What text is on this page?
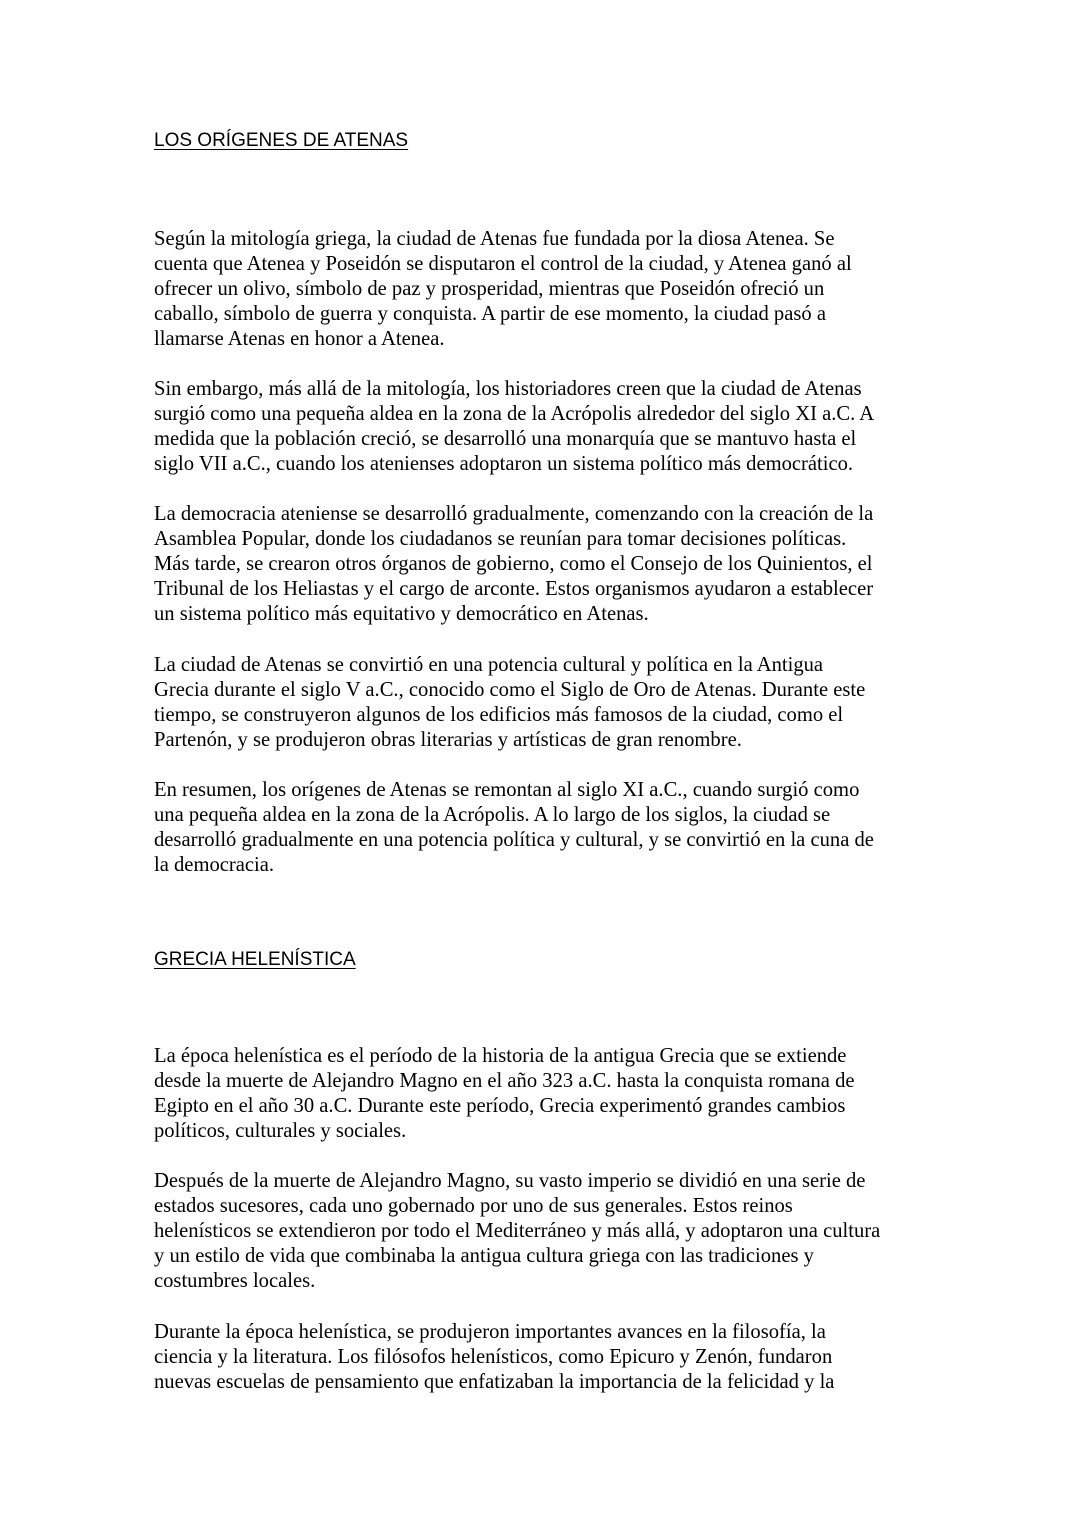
LOS ORÍGENES DE ATENAS

Según la mitología griega, la ciudad de Atenas fue fundada por la diosa Atenea. Se
cuenta que Atenea y Poseidón se disputaron el control de la ciudad, y Atenea ganó al
ofrecer un olivo, símbolo de paz y prosperidad, mientras que Poseidón ofreció un
caballo, símbolo de guerra y conquista. A partir de ese momento, la ciudad pasó a
llamarse Atenas en honor a Atenea.

Sin embargo, más allá de la mitología, los historiadores creen que la ciudad de Atenas
surgió como una pequeña aldea en la zona de la Acrópolis alrededor del siglo XI a.C. A
medida que la población creció, se desarrolló una monarquía que se mantuvo hasta el
siglo VII a.C., cuando los atenienses adoptaron un sistema político más democrático.

La democracia ateniense se desarrolló gradualmente, comenzando con la creación de la
Asamblea Popular, donde los ciudadanos se reunían para tomar decisiones políticas.
Más tarde, se crearon otros órganos de gobierno, como el Consejo de los Quinientos, el
Tribunal de los Heliastas y el cargo de arconte. Estos organismos ayudaron a establecer
un sistema político más equitativo y democrático en Atenas.

La ciudad de Atenas se convirtió en una potencia cultural y política en la Antigua
Grecia durante el siglo V a.C., conocido como el Siglo de Oro de Atenas. Durante este
tiempo, se construyeron algunos de los edificios más famosos de la ciudad, como el
Partenón, y se produjeron obras literarias y artísticas de gran renombre.

En resumen, los orígenes de Atenas se remontan al siglo XI a.C., cuando surgió como
una pequeña aldea en la zona de la Acrópolis. A lo largo de los siglos, la ciudad se
desarrolló gradualmente en una potencia política y cultural, y se convirtió en la cuna de
la democracia.

GRECIA HELENÍSTICA

La época helenística es el período de la historia de la antigua Grecia que se extiende
desde la muerte de Alejandro Magno en el año 323 a.C. hasta la conquista romana de
Egipto en el año 30 a.C. Durante este período, Grecia experimentó grandes cambios
políticos, culturales y sociales.

Después de la muerte de Alejandro Magno, su vasto imperio se dividió en una serie de
estados sucesores, cada uno gobernado por uno de sus generales. Estos reinos
helenísticos se extendieron por todo el Mediterráneo y más allá, y adoptaron una cultura
y un estilo de vida que combinaba la antigua cultura griega con las tradiciones y
costumbres locales.

Durante la época helenística, se produjeron importantes avances en la filosofía, la
ciencia y la literatura. Los filósofos helenísticos, como Epicuro y Zenón, fundaron
nuevas escuelas de pensamiento que enfatizaban la importancia de la felicidad y la
